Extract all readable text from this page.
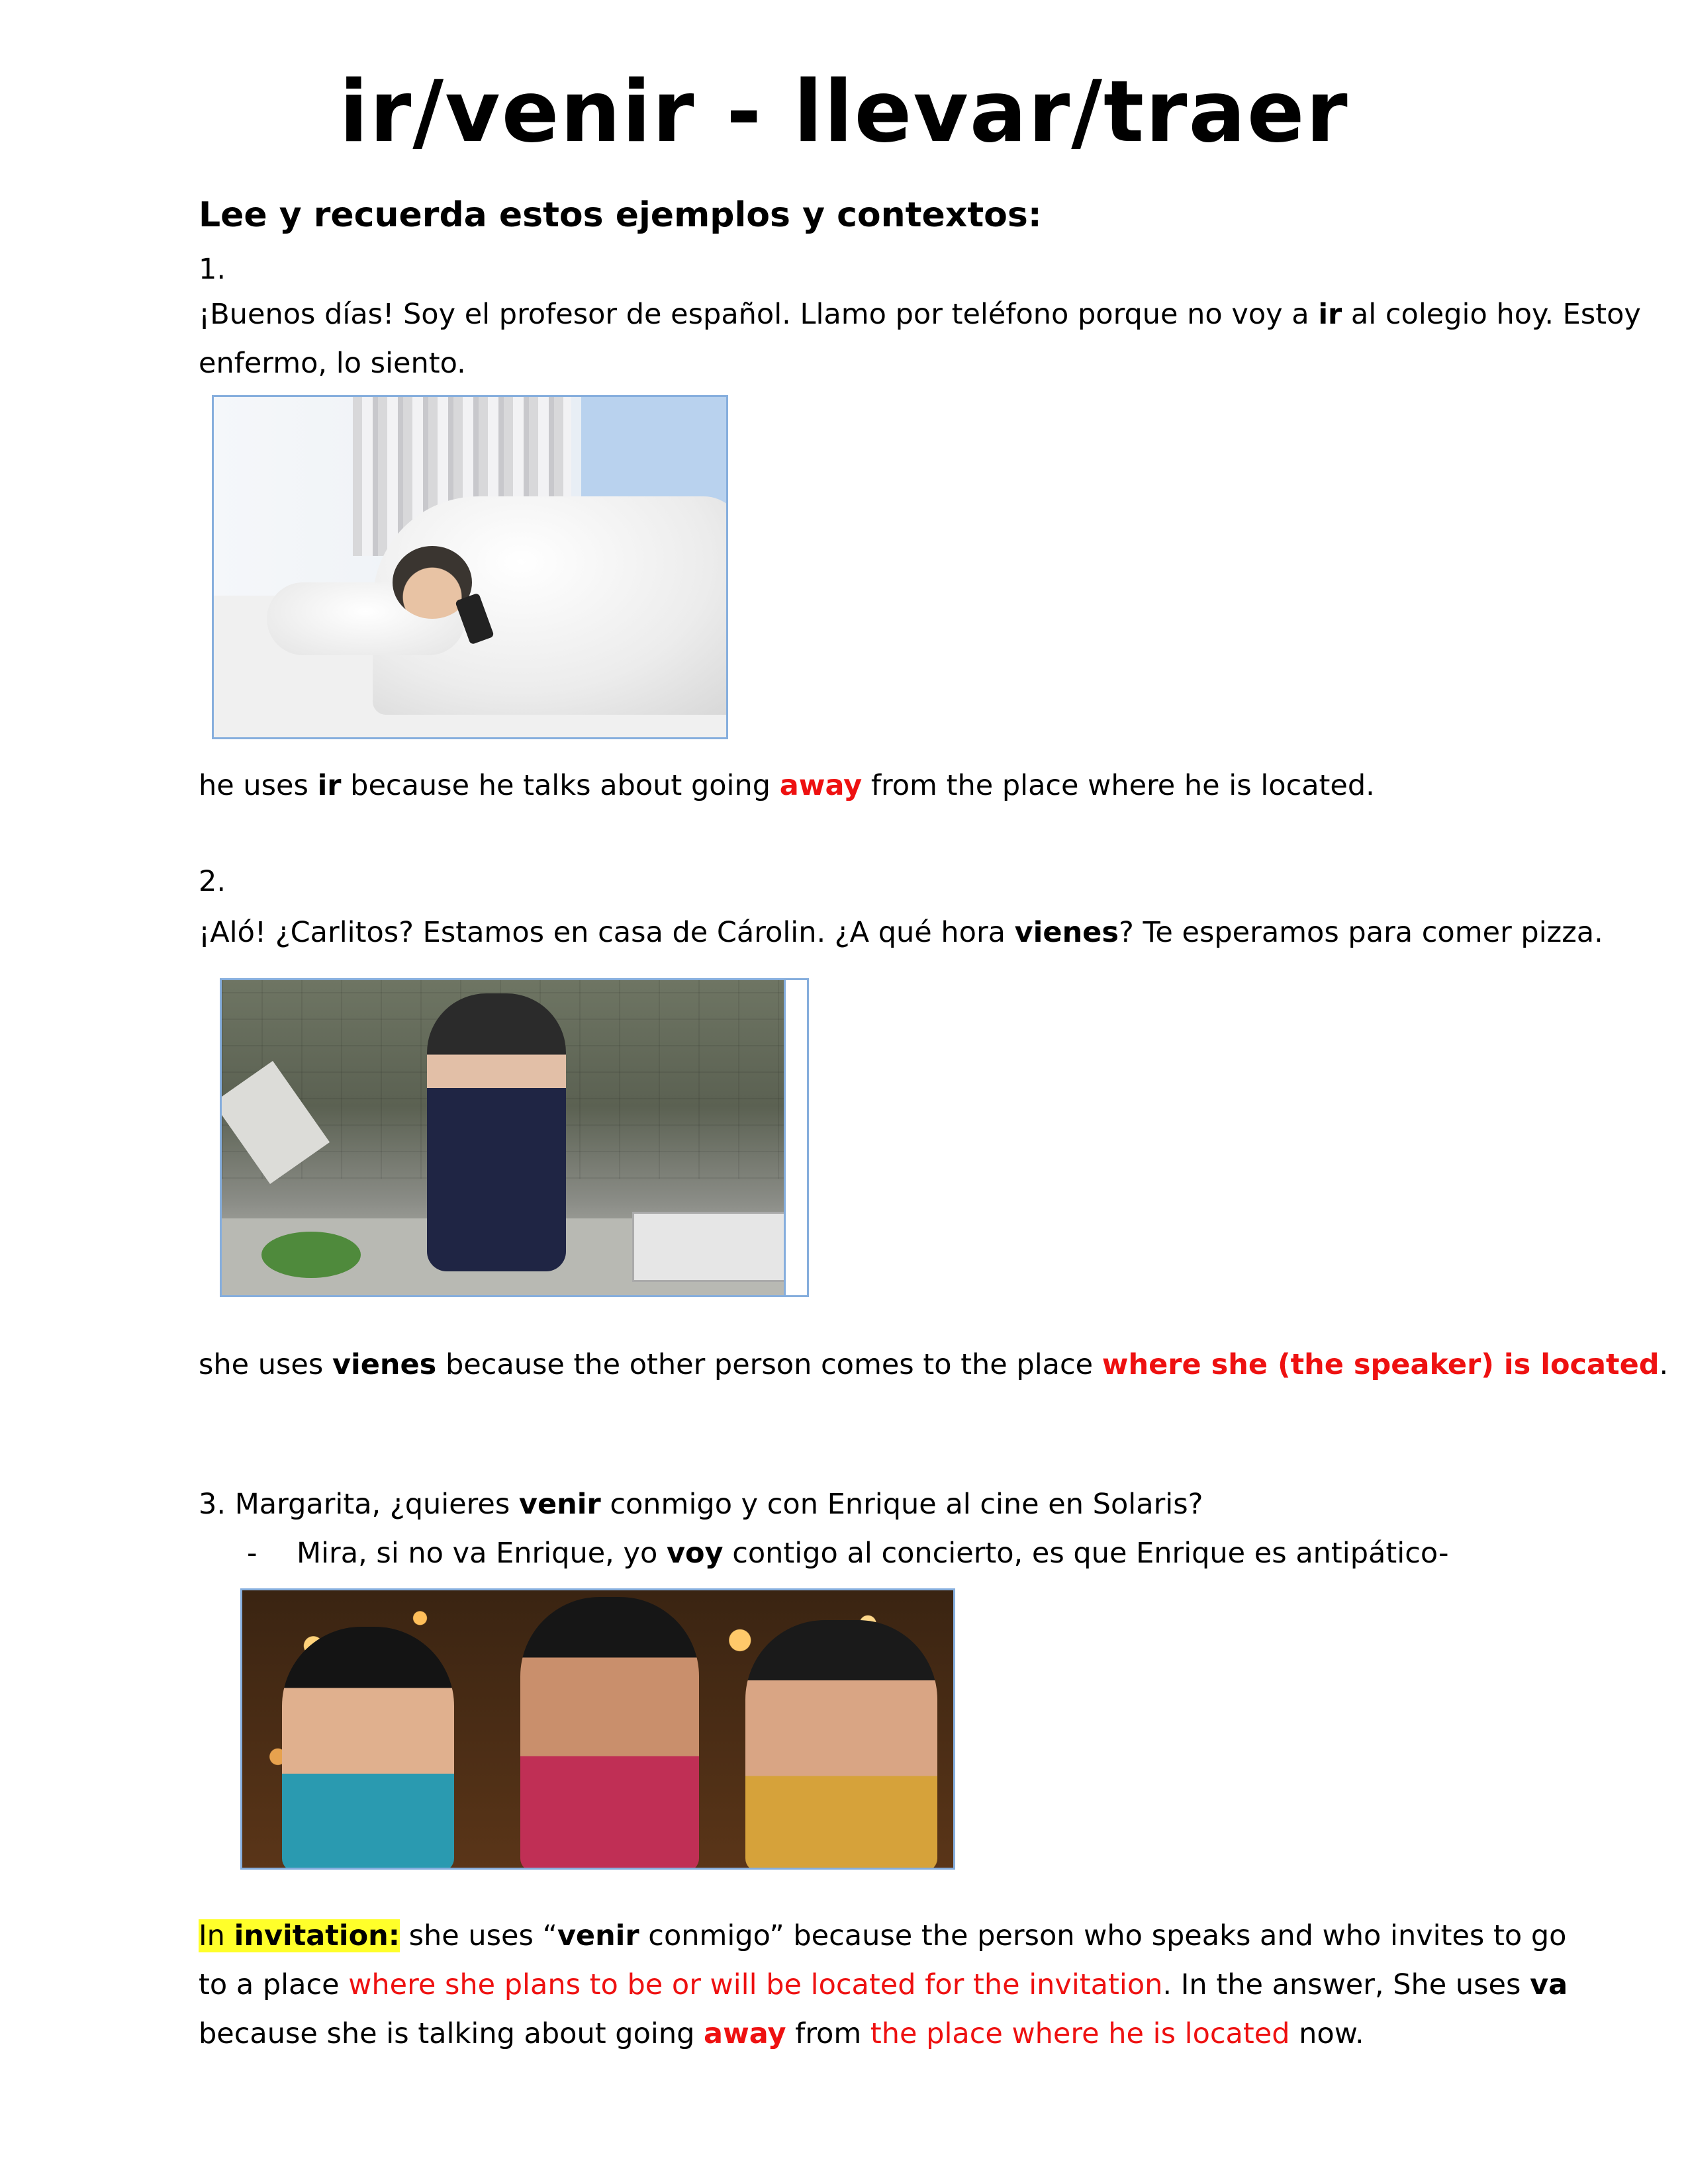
ir/venir - llevar/traer
Lee y recuerda estos ejemplos y contextos:
1.
¡Buenos días! Soy el profesor de español. Llamo por teléfono porque no voy a ir al colegio hoy. Estoy
enfermo, lo siento.
he uses ir because he talks about going away from the place where he is located.
2.
¡Aló! ¿Carlitos? Estamos en casa de Cárolin. ¿A qué hora vienes? Te esperamos para comer pizza.
she uses vienes because the other person comes to the place where she (the speaker) is located.
3. Margarita, ¿quieres venir conmigo y con Enrique al cine en Solaris?
- Mira, si no va Enrique, yo voy contigo al concierto, es que Enrique es antipático-
In invitation: she uses “venir conmigo” because the person who speaks and who invites to go to a place where she plans to be or will be located for the invitation. In the answer, She uses va because she is talking about going away from the place where he is located now.
